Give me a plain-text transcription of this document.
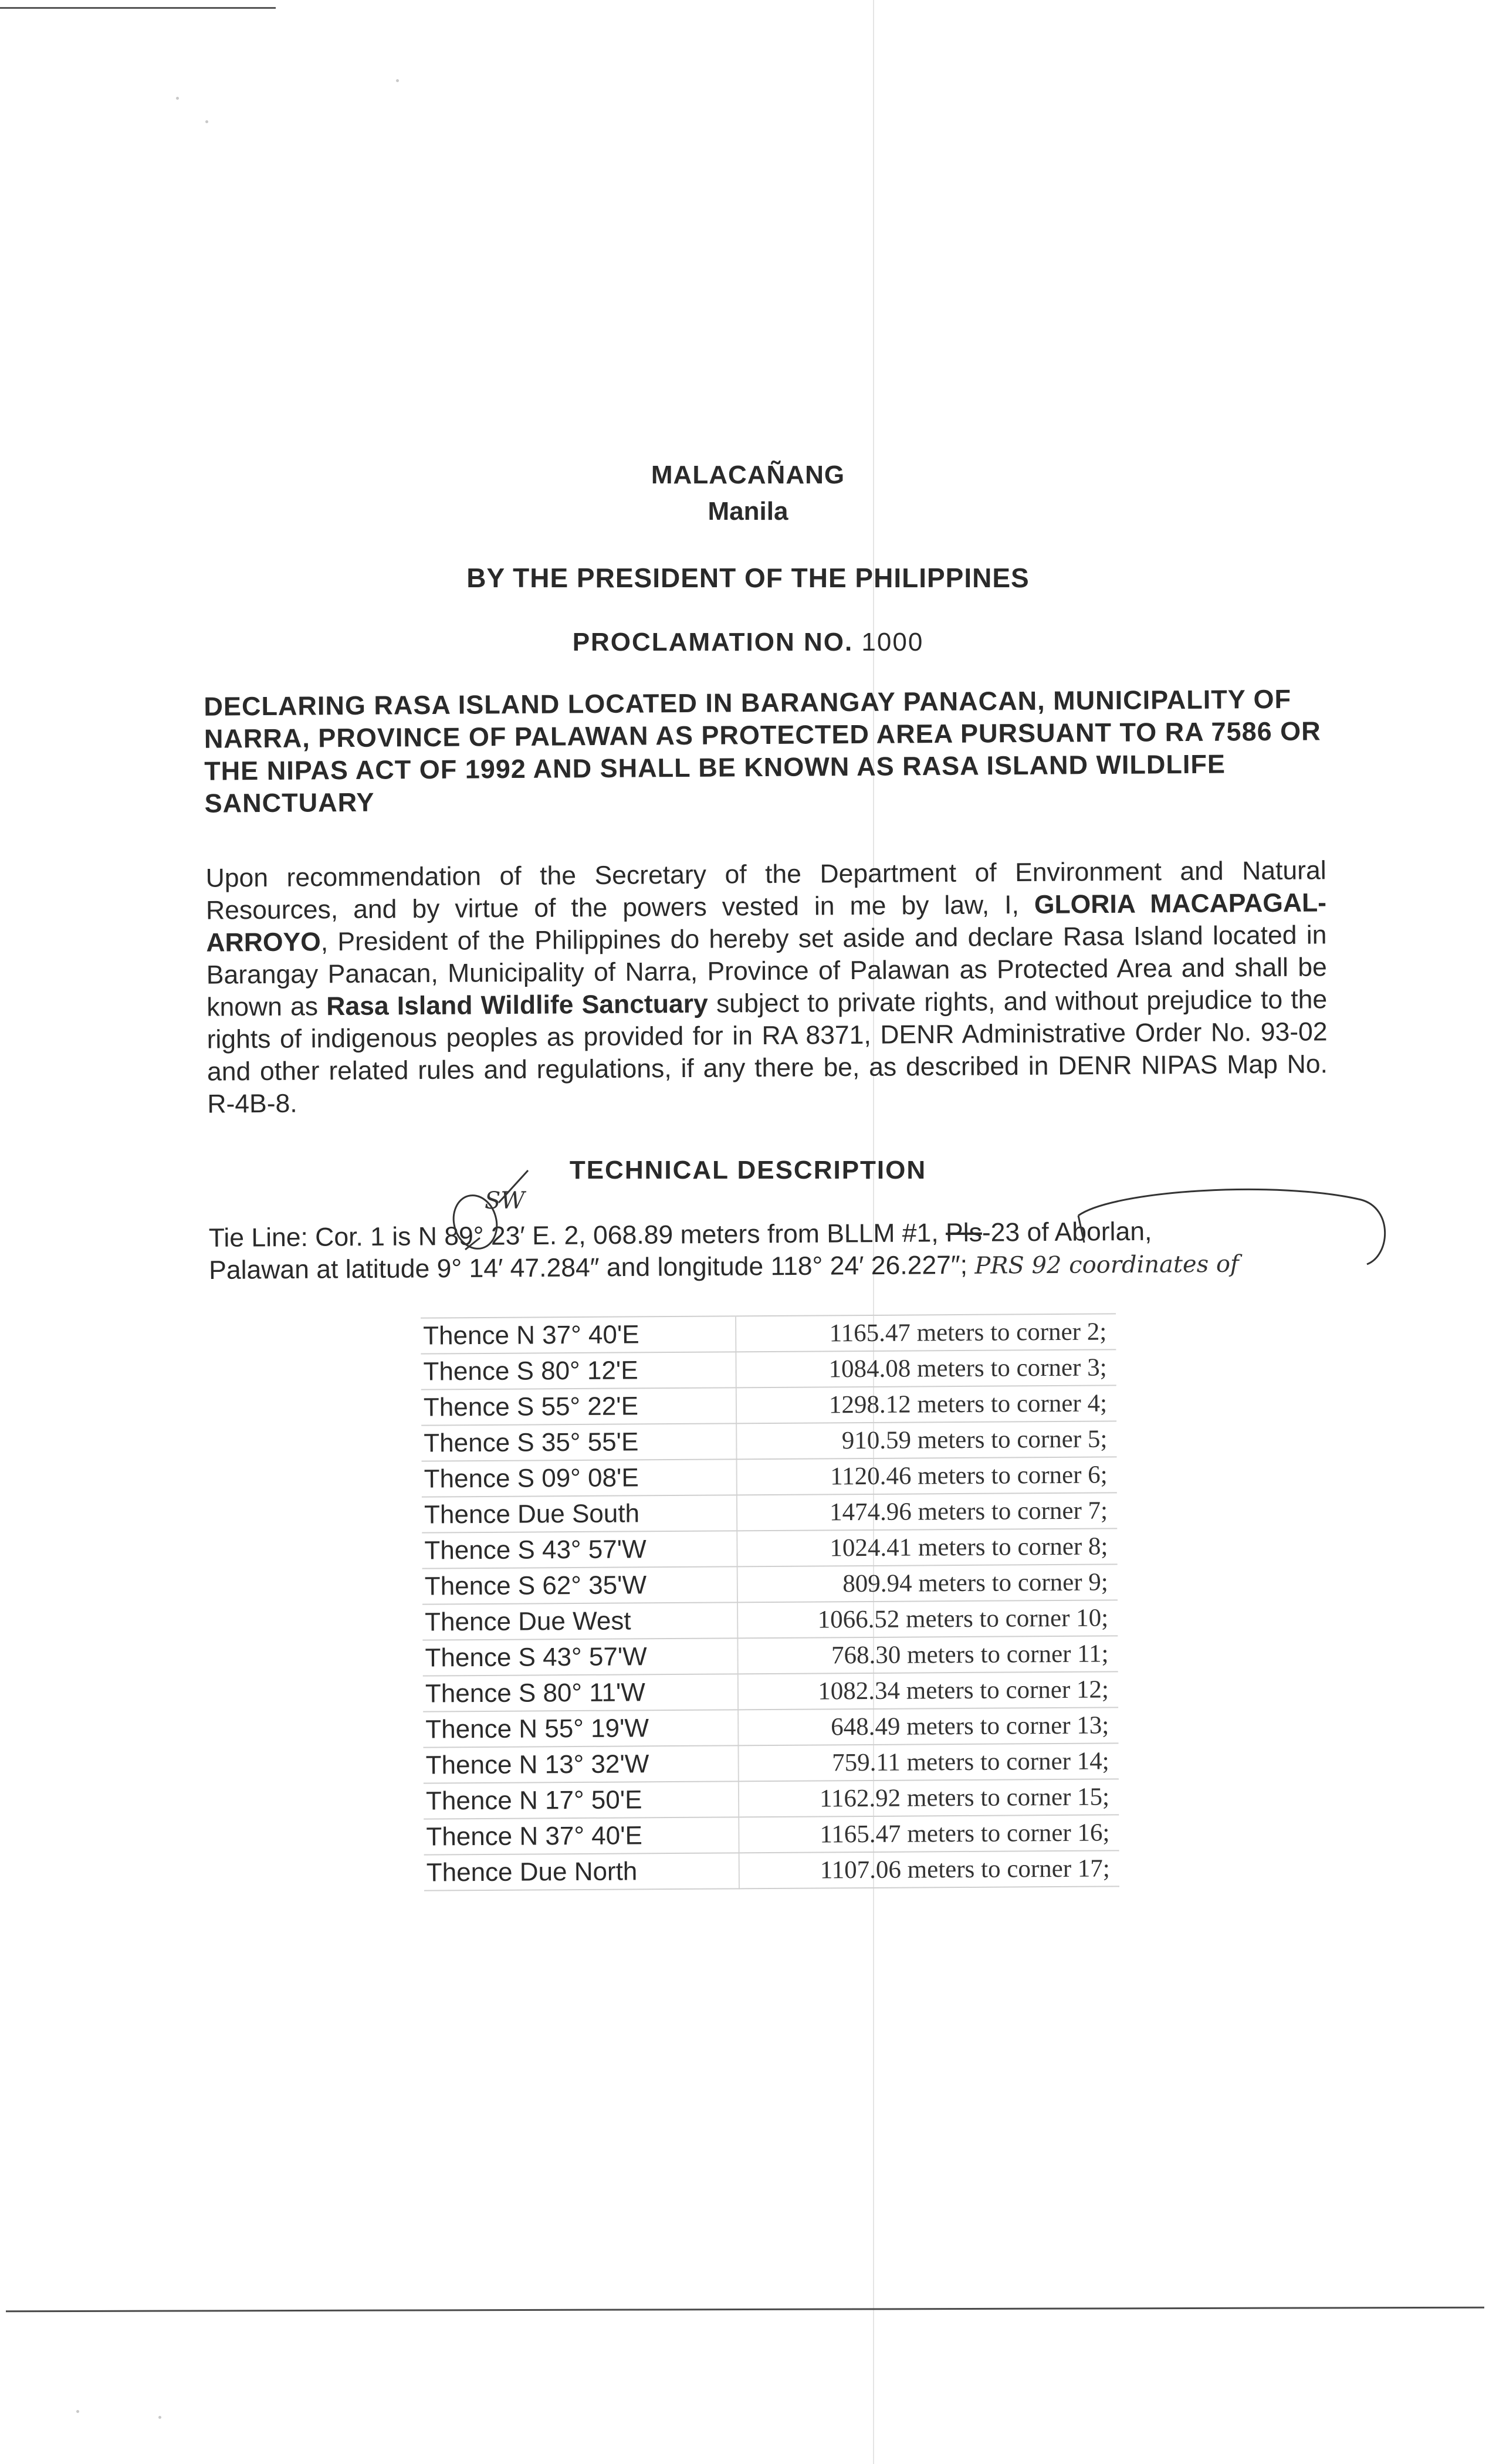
MALACAÑANG
Manila
BY THE PRESIDENT OF THE PHILIPPINES
PROCLAMATION NO. 1000
DECLARING RASA ISLAND LOCATED IN BARANGAY PANACAN, MUNICIPALITY OF NARRA, PROVINCE OF PALAWAN AS PROTECTED AREA PURSUANT TO RA 7586 OR THE NIPAS ACT OF 1992 AND SHALL BE KNOWN AS RASA ISLAND WILDLIFE SANCTUARY
Upon recommendation of the Secretary of the Department of Environment and Natural Resources, and by virtue of the powers vested in me by law, I, GLORIA MACAPAGAL-ARROYO, President of the Philippines do hereby set aside and declare Rasa Island located in Barangay Panacan, Municipality of Narra, Province of Palawan as Protected Area and shall be known as Rasa Island Wildlife Sanctuary subject to private rights, and without prejudice to the rights of indigenous peoples as provided for in RA 8371, DENR Administrative Order No. 93-02 and other related rules and regulations, if any there be, as described in DENR NIPAS Map No. R-4B-8.
TECHNICAL DESCRIPTION
Tie Line: Cor. 1 is N 89° 23′ E. 2, 068.89 meters from BLLM #1, Pls-23 of Aborlan,
Palawan at latitude 9° 14′ 47.284″ and longitude 118° 24′ 26.227″; PRS 92 coordinates of
SW
Thence N 37° 40'E	1165.47 meters to corner 2;
Thence S 80° 12'E	1084.08 meters to corner 3;
Thence S 55° 22'E	1298.12 meters to corner 4;
Thence S 35° 55'E	910.59 meters to corner 5;
Thence S 09° 08'E	1120.46 meters to corner 6;
Thence Due South	1474.96 meters to corner 7;
Thence S 43° 57'W	1024.41 meters to corner 8;
Thence S 62° 35'W	809.94 meters to corner 9;
Thence Due West	1066.52 meters to corner 10;
Thence S 43° 57'W	768.30 meters to corner 11;
Thence S 80° 11'W	1082.34 meters to corner 12;
Thence N 55° 19'W	648.49 meters to corner 13;
Thence N 13° 32'W	759.11 meters to corner 14;
Thence N 17° 50'E	1162.92 meters to corner 15;
Thence N 37° 40'E	1165.47 meters to corner 16;
Thence Due North	1107.06 meters to corner 17;
